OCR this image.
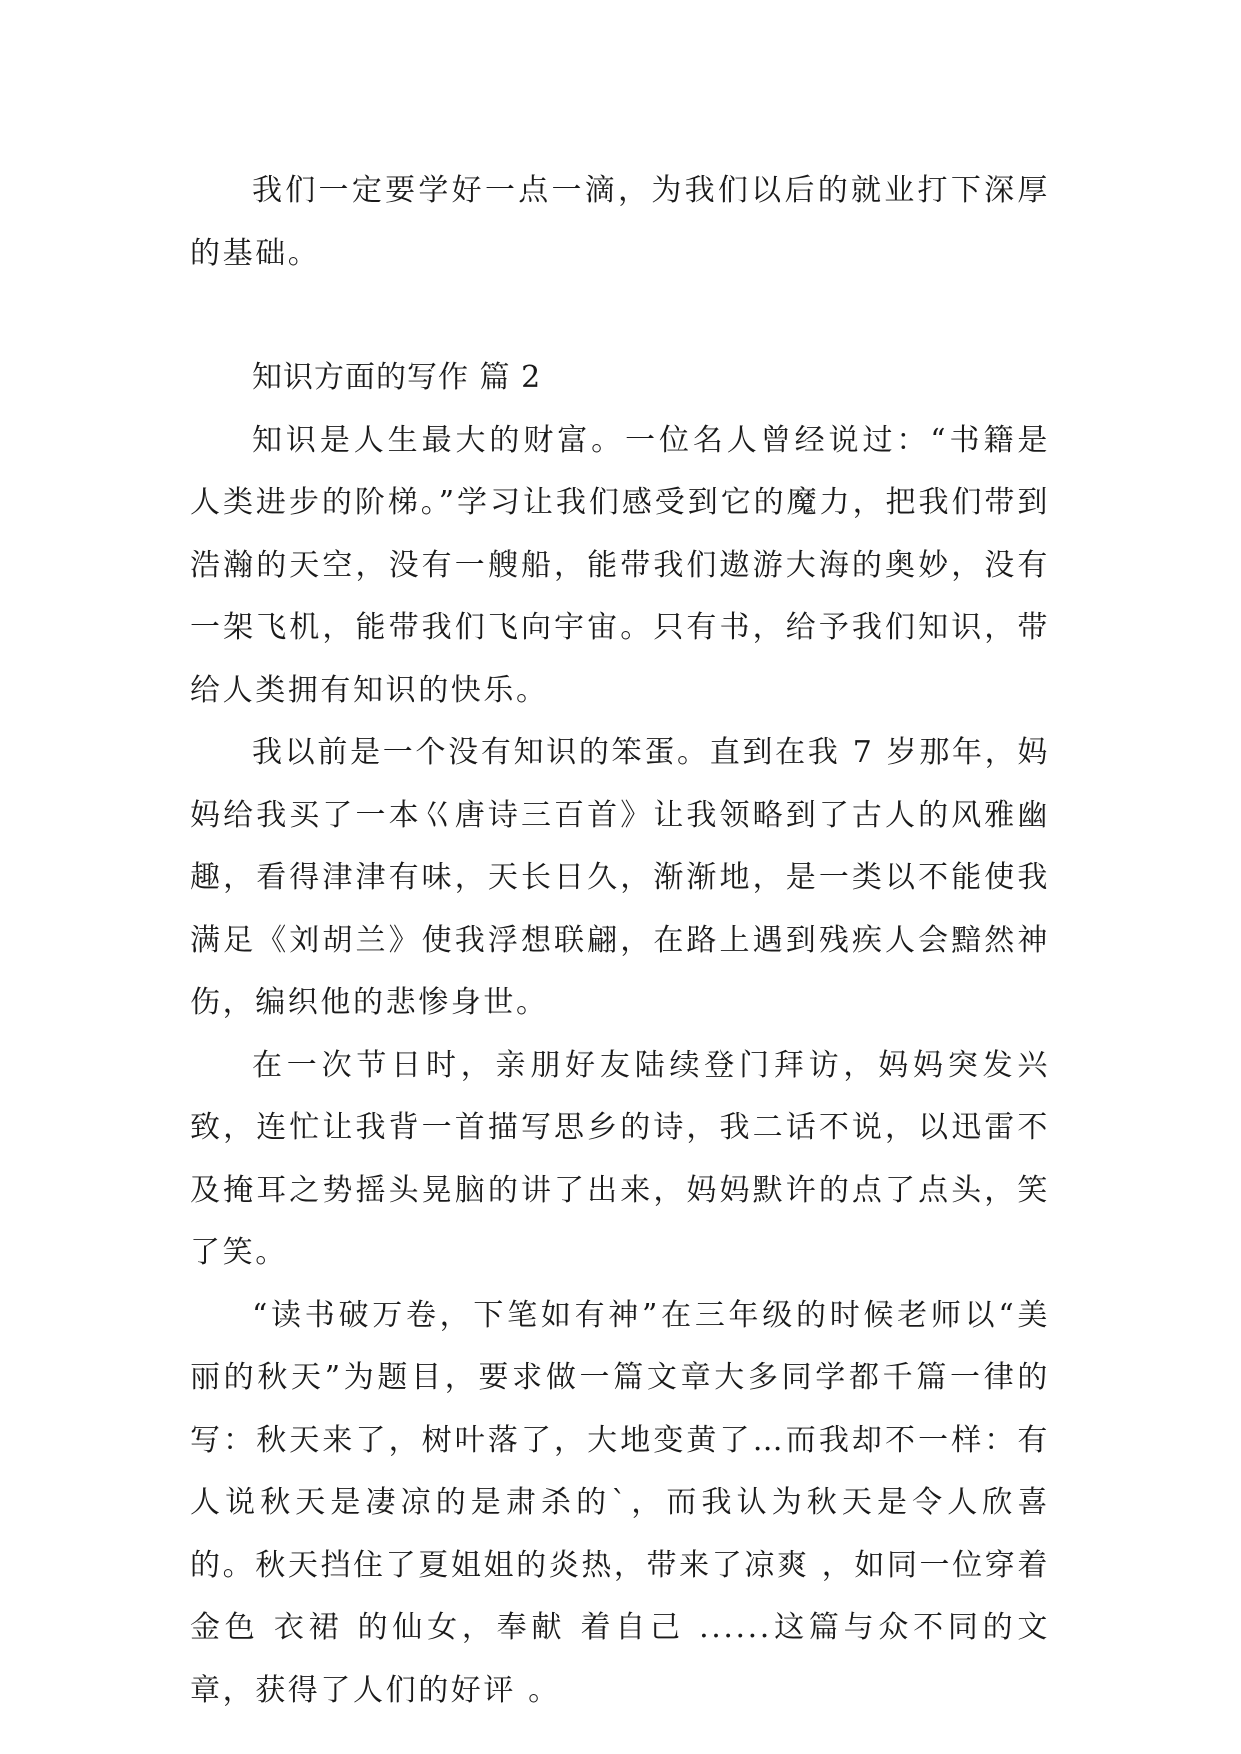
我们一定要学好一点一滴，为我们以后的就业打下深厚的基础。

知识方面的写作 篇 2

知识是人生最大的财富。一位名人曾经说过：“书籍是人类进步的阶梯。”学习让我们感受到它的魔力，把我们带到浩瀚的天空，没有一艘船，能带我们遨游大海的奥妙，没有一架飞机，能带我们飞向宇宙。只有书，给予我们知识，带给人类拥有知识的快乐。

我以前是一个没有知识的笨蛋。直到在我 7 岁那年，妈妈给我买了一本巜唐诗三百首》让我领略到了古人的风雅幽趣，看得津津有味，天长日久，渐渐地，是一类以不能使我满足《刘胡兰》使我浮想联翩，在路上遇到残疾人会黯然神伤，编织他的悲惨身世。

在一次节日时，亲朋好友陆续登门拜访，妈妈突发兴致，连忙让我背一首描写思乡的诗，我二话不说，以迅雷不及掩耳之势摇头晃脑的讲了出来，妈妈默许的点了点头，笑了笑。

“读书破万卷，下笔如有神”在三年级的时候老师以“美丽的秋天”为题目，要求做一篇文章大多同学都千篇一律的写：秋天来了，树叶落了，大地变黄了…而我却不一样：有人说秋天是凄凉的是肃杀的`，而我认为秋天是令人欣喜的。秋天挡住了夏姐姐的炎热，带来了凉爽 ，如同一位穿着金色 衣裙 的仙女，奉献 着自己 ......这篇与众不同的文章，获得了人们的好评 。
